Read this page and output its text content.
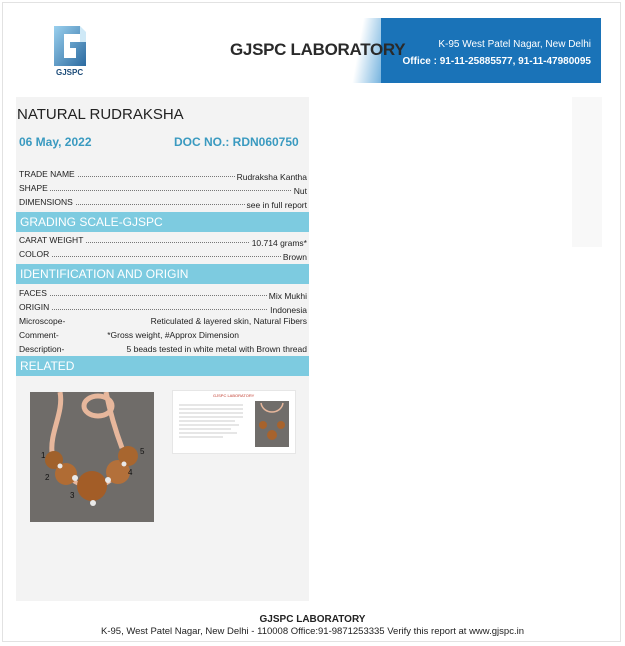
GJSPC
GJSPC LABORATORY	K-95 West Patel Nagar, New Delhi
Office : 91-11-25885577, 91-11-47980095
NATURAL RUDRAKSHA
06 May, 2022	DOC NO.: RDN060750
TRADE NAME	Rudraksha Kantha
SHAPE	Nut
DIMENSIONS	see in full report
GRADING SCALE-GJSPC
CARAT WEIGHT	10.714 grams*
COLOR	Brown
IDENTIFICATION AND ORIGIN
FACES	Mix Mukhi
ORIGIN	Indonesia
Microscope-	Reticulated & layered skin, Natural Fibers
Comment-	*Gross weight, #Approx Dimension
Description-	5 beads tested in white metal with Brown thread
RELATED
1
2
3
4
5
GJSPC LABORATORY
GJSPC LABORATORY
K-95, West Patel Nagar, New Delhi - 110008 Office:91-9871253335 Verify this report at www.gjspc.in
